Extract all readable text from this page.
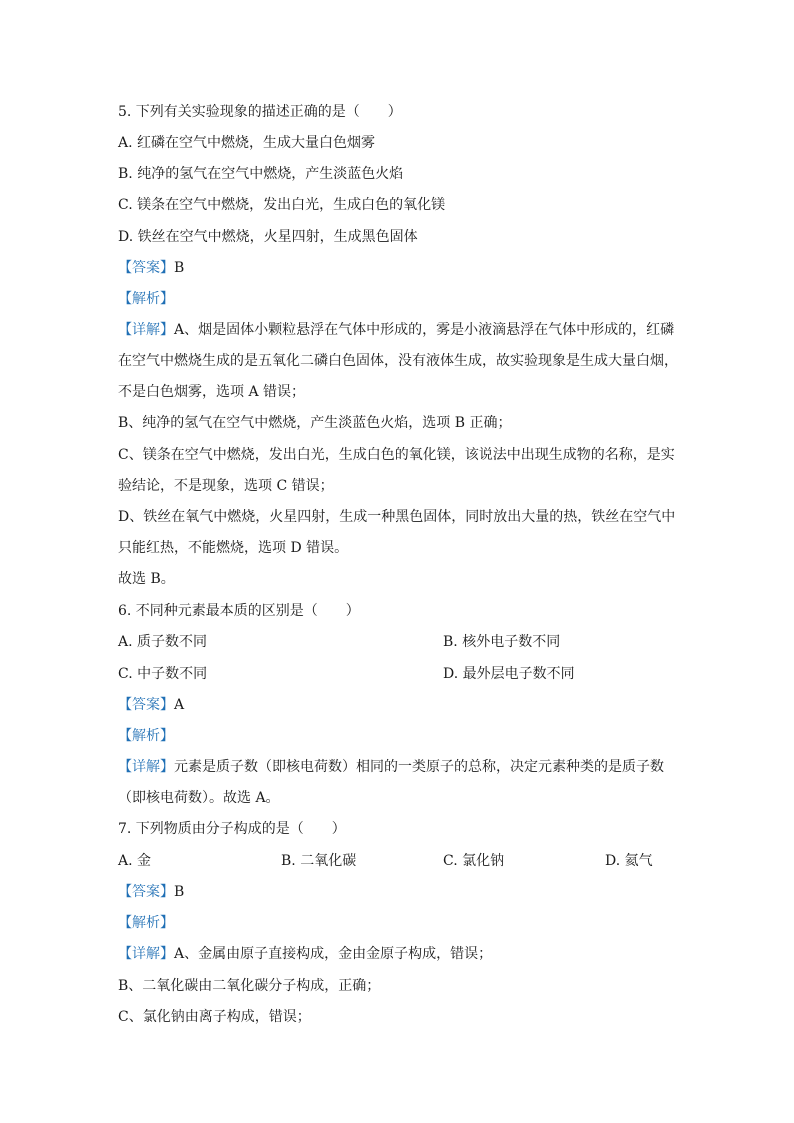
5. 下列有关实验现象的描述正确的是（　　）
A. 红磷在空气中燃烧，生成大量白色烟雾
B. 纯净的氢气在空气中燃烧，产生淡蓝色火焰
C. 镁条在空气中燃烧，发出白光，生成白色的氧化镁
D. 铁丝在空气中燃烧，火星四射，生成黑色固体
【答案】B
【解析】
【详解】A、烟是固体小颗粒悬浮在气体中形成的，雾是小液滴悬浮在气体中形成的，红磷
在空气中燃烧生成的是五氧化二磷白色固体，没有液体生成，故实验现象是生成大量白烟，
不是白色烟雾，选项 A 错误；
B、纯净的氢气在空气中燃烧，产生淡蓝色火焰，选项 B 正确；
C、镁条在空气中燃烧，发出白光，生成白色的氧化镁，该说法中出现生成物的名称，是实
验结论，不是现象，选项 C 错误；
D、铁丝在氧气中燃烧，火星四射，生成一种黑色固体，同时放出大量的热，铁丝在空气中
只能红热，不能燃烧，选项 D 错误。
故选 B。
6. 不同种元素最本质的区别是（　　）
A. 质子数不同	B. 核外电子数不同
C. 中子数不同	D. 最外层电子数不同
【答案】A
【解析】
【详解】元素是质子数（即核电荷数）相同的一类原子的总称，决定元素种类的是质子数
（即核电荷数）。故选 A。
7. 下列物质由分子构成的是（　　）
A. 金	B. 二氧化碳	C. 氯化钠	D. 氦气
【答案】B
【解析】
【详解】A、金属由原子直接构成，金由金原子构成，错误；
B、二氧化碳由二氧化碳分子构成，正确；
C、氯化钠由离子构成，错误；
